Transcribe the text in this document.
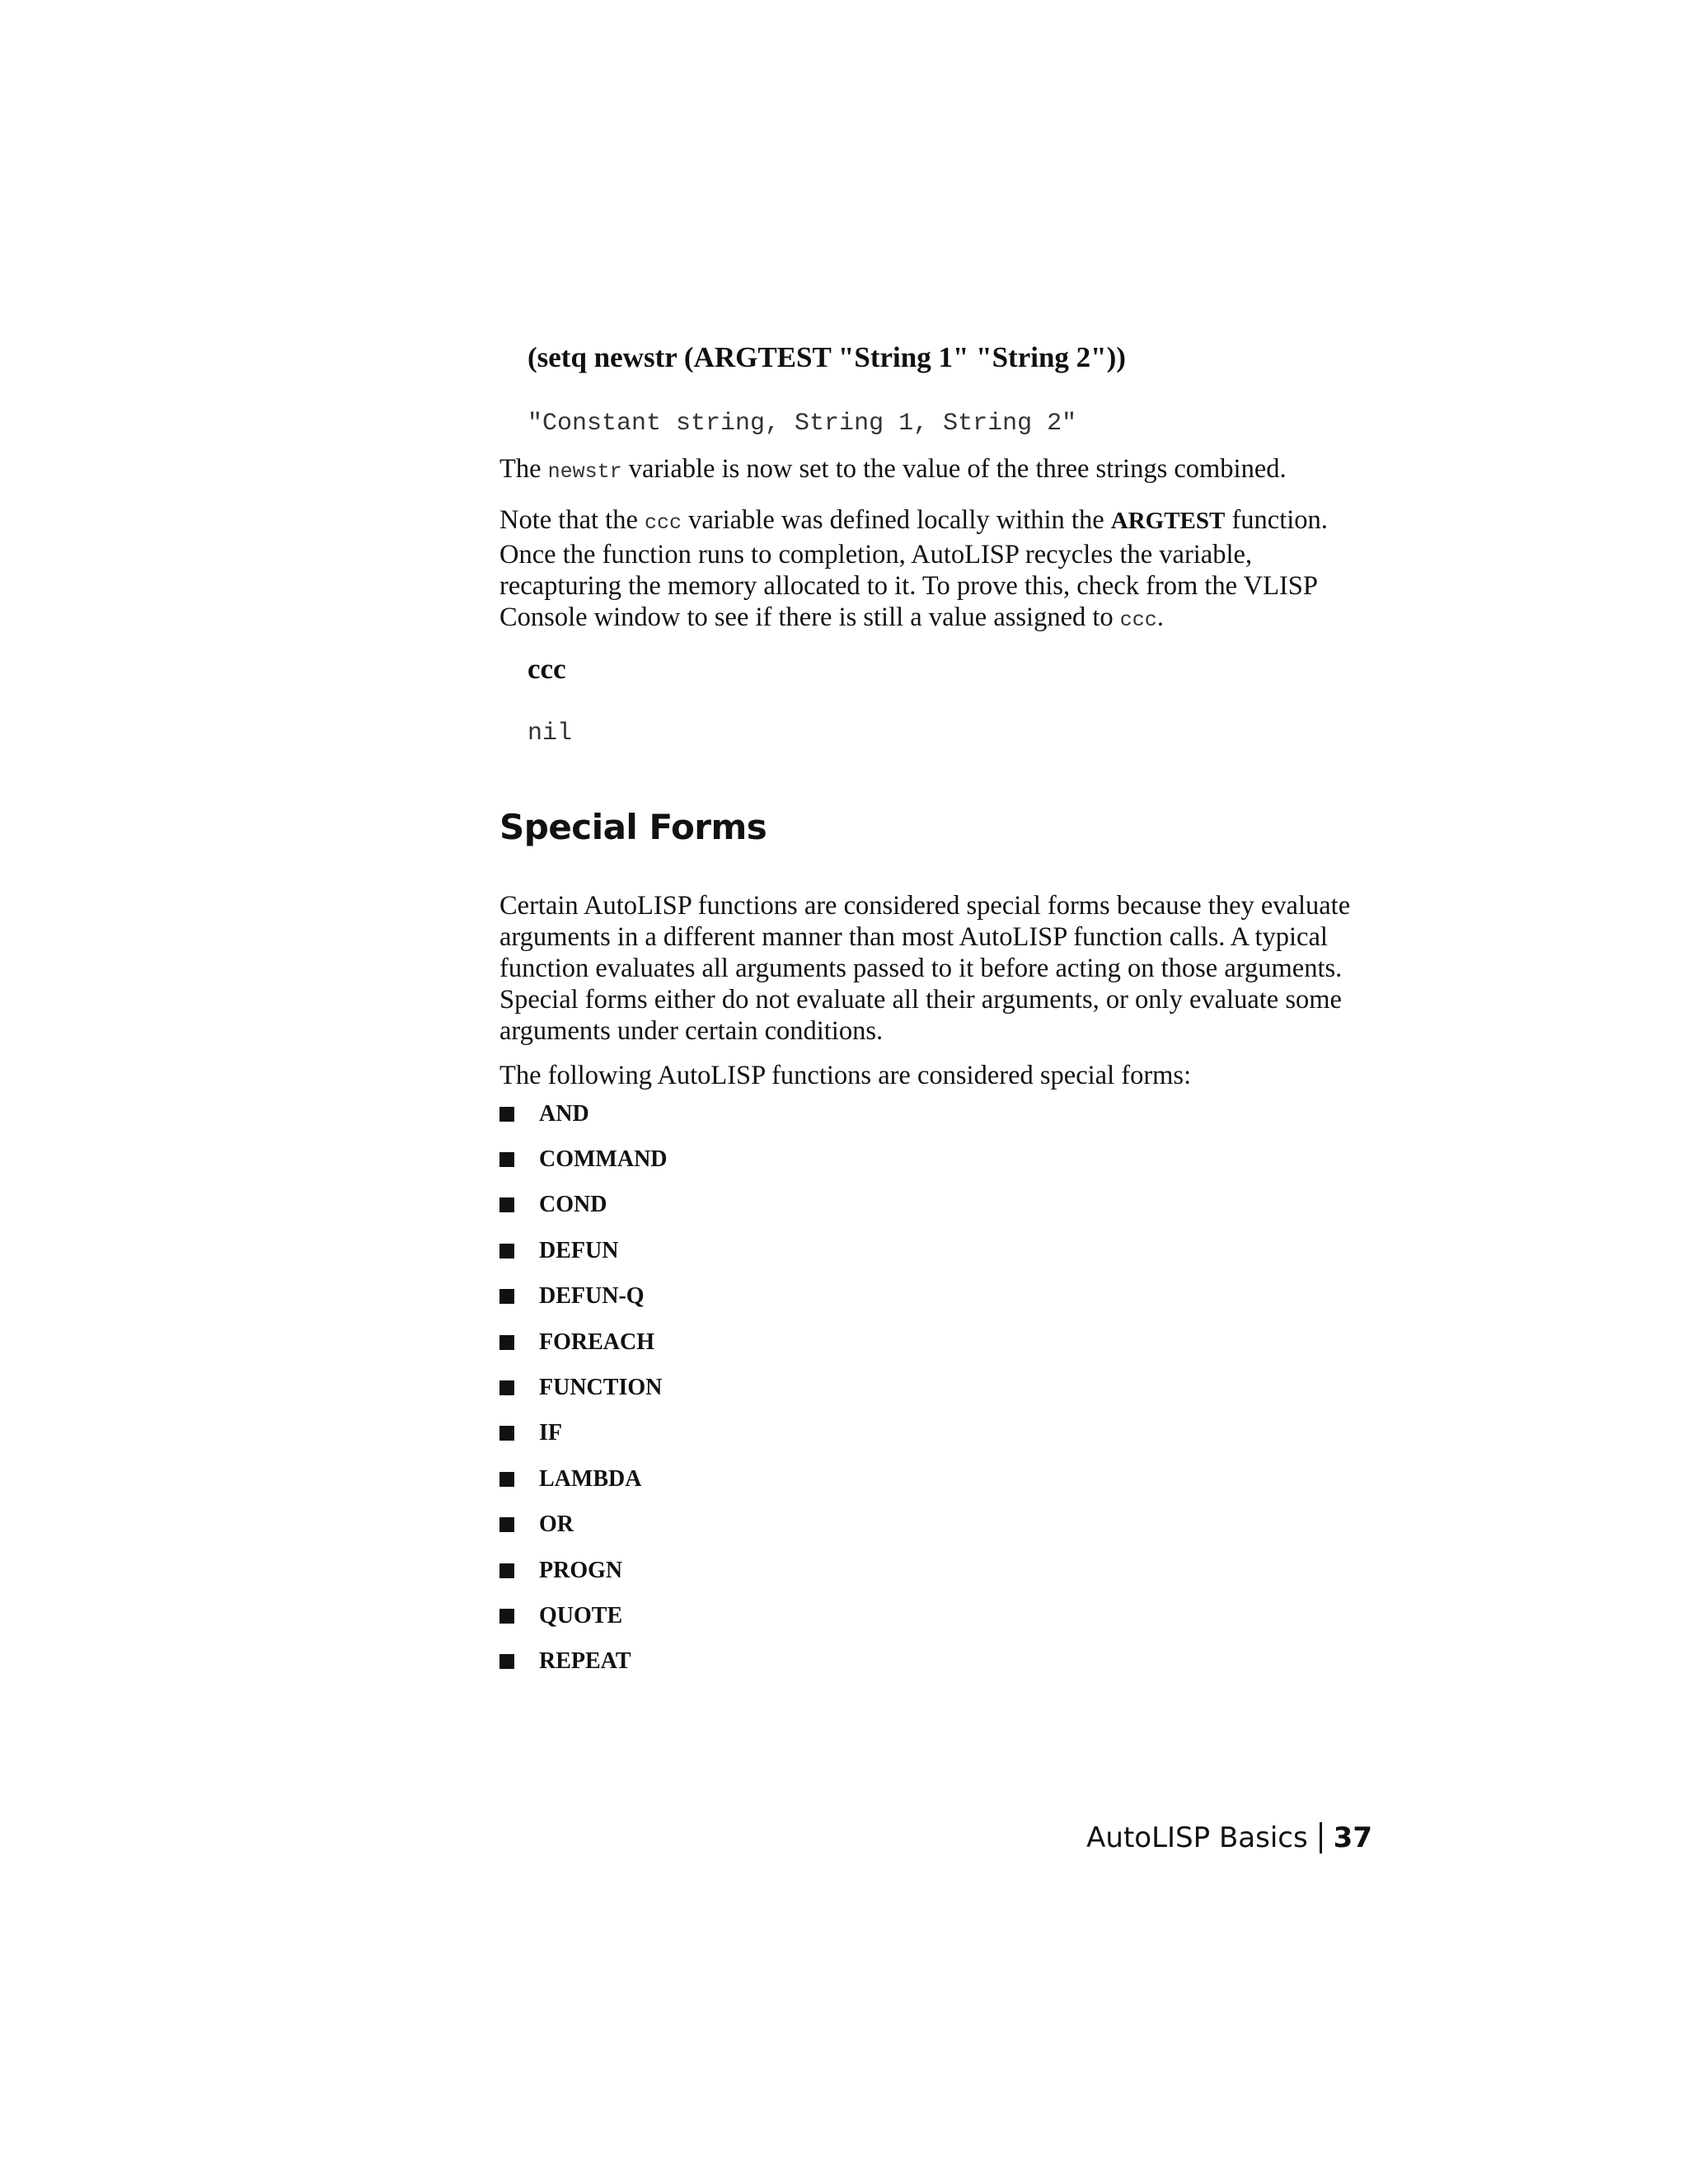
(setq newstr (ARGTEST "String 1" "String 2"))
"Constant string, String 1, String 2"
The newstr variable is now set to the value of the three strings combined.
Note that the ccc variable was defined locally within the ARGTEST function. Once the function runs to completion, AutoLISP recycles the variable, recapturing the memory allocated to it. To prove this, check from the VLISP Console window to see if there is still a value assigned to ccc.
ccc
nil
Special Forms
Certain AutoLISP functions are considered special forms because they evaluate arguments in a different manner than most AutoLISP function calls. A typical function evaluates all arguments passed to it before acting on those arguments. Special forms either do not evaluate all their arguments, or only evaluate some arguments under certain conditions.
The following AutoLISP functions are considered special forms:
AND
COMMAND
COND
DEFUN
DEFUN-Q
FOREACH
FUNCTION
IF
LAMBDA
OR
PROGN
QUOTE
REPEAT
AutoLISP Basics 37
